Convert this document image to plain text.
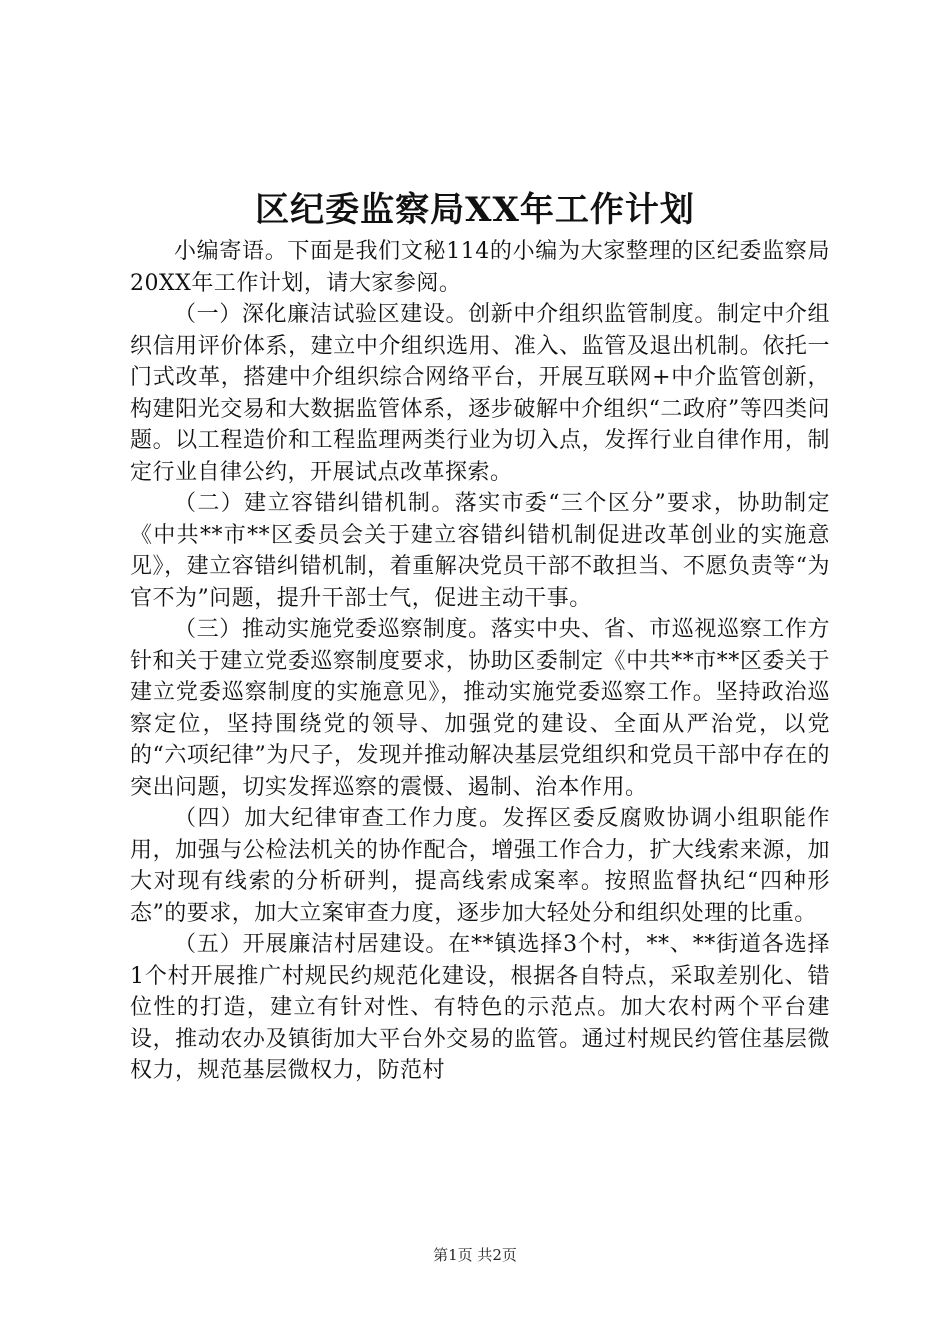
区纪委监察局XX年工作计划

小编寄语。下面是我们文秘114的小编为大家整理的区纪委监察局20XX年工作计划，请大家参阅。

（一）深化廉洁试验区建设。创新中介组织监管制度。制定中介组织信用评价体系，建立中介组织选用、准入、监管及退出机制。依托一门式改革，搭建中介组织综合网络平台，开展互联网+中介监管创新，构建阳光交易和大数据监管体系，逐步破解中介组织“二政府”等四类问题。以工程造价和工程监理两类行业为切入点，发挥行业自律作用，制定行业自律公约，开展试点改革探索。

（二）建立容错纠错机制。落实市委“三个区分”要求，协助制定《中共**市**区委员会关于建立容错纠错机制促进改革创业的实施意见》，建立容错纠错机制，着重解决党员干部不敢担当、不愿负责等“为官不为”问题，提升干部士气，促进主动干事。

（三）推动实施党委巡察制度。落实中央、省、市巡视巡察工作方针和关于建立党委巡察制度要求，协助区委制定《中共**市**区委关于建立党委巡察制度的实施意见》，推动实施党委巡察工作。坚持政治巡察定位，坚持围绕党的领导、加强党的建设、全面从严治党，以党的“六项纪律”为尺子，发现并推动解决基层党组织和党员干部中存在的突出问题，切实发挥巡察的震慑、遏制、治本作用。

（四）加大纪律审查工作力度。发挥区委反腐败协调小组职能作用，加强与公检法机关的协作配合，增强工作合力，扩大线索来源，加大对现有线索的分析研判，提高线索成案率。按照监督执纪“四种形态”的要求，加大立案审查力度，逐步加大轻处分和组织处理的比重。

（五）开展廉洁村居建设。在**镇选择3个村，**、**街道各选择1个村开展推广村规民约规范化建设，根据各自特点，采取差别化、错位性的打造，建立有针对性、有特色的示范点。加大农村两个平台建设，推动农办及镇街加大平台外交易的监管。通过村规民约管住基层微权力，规范基层微权力，防范村

第1页 共2页
